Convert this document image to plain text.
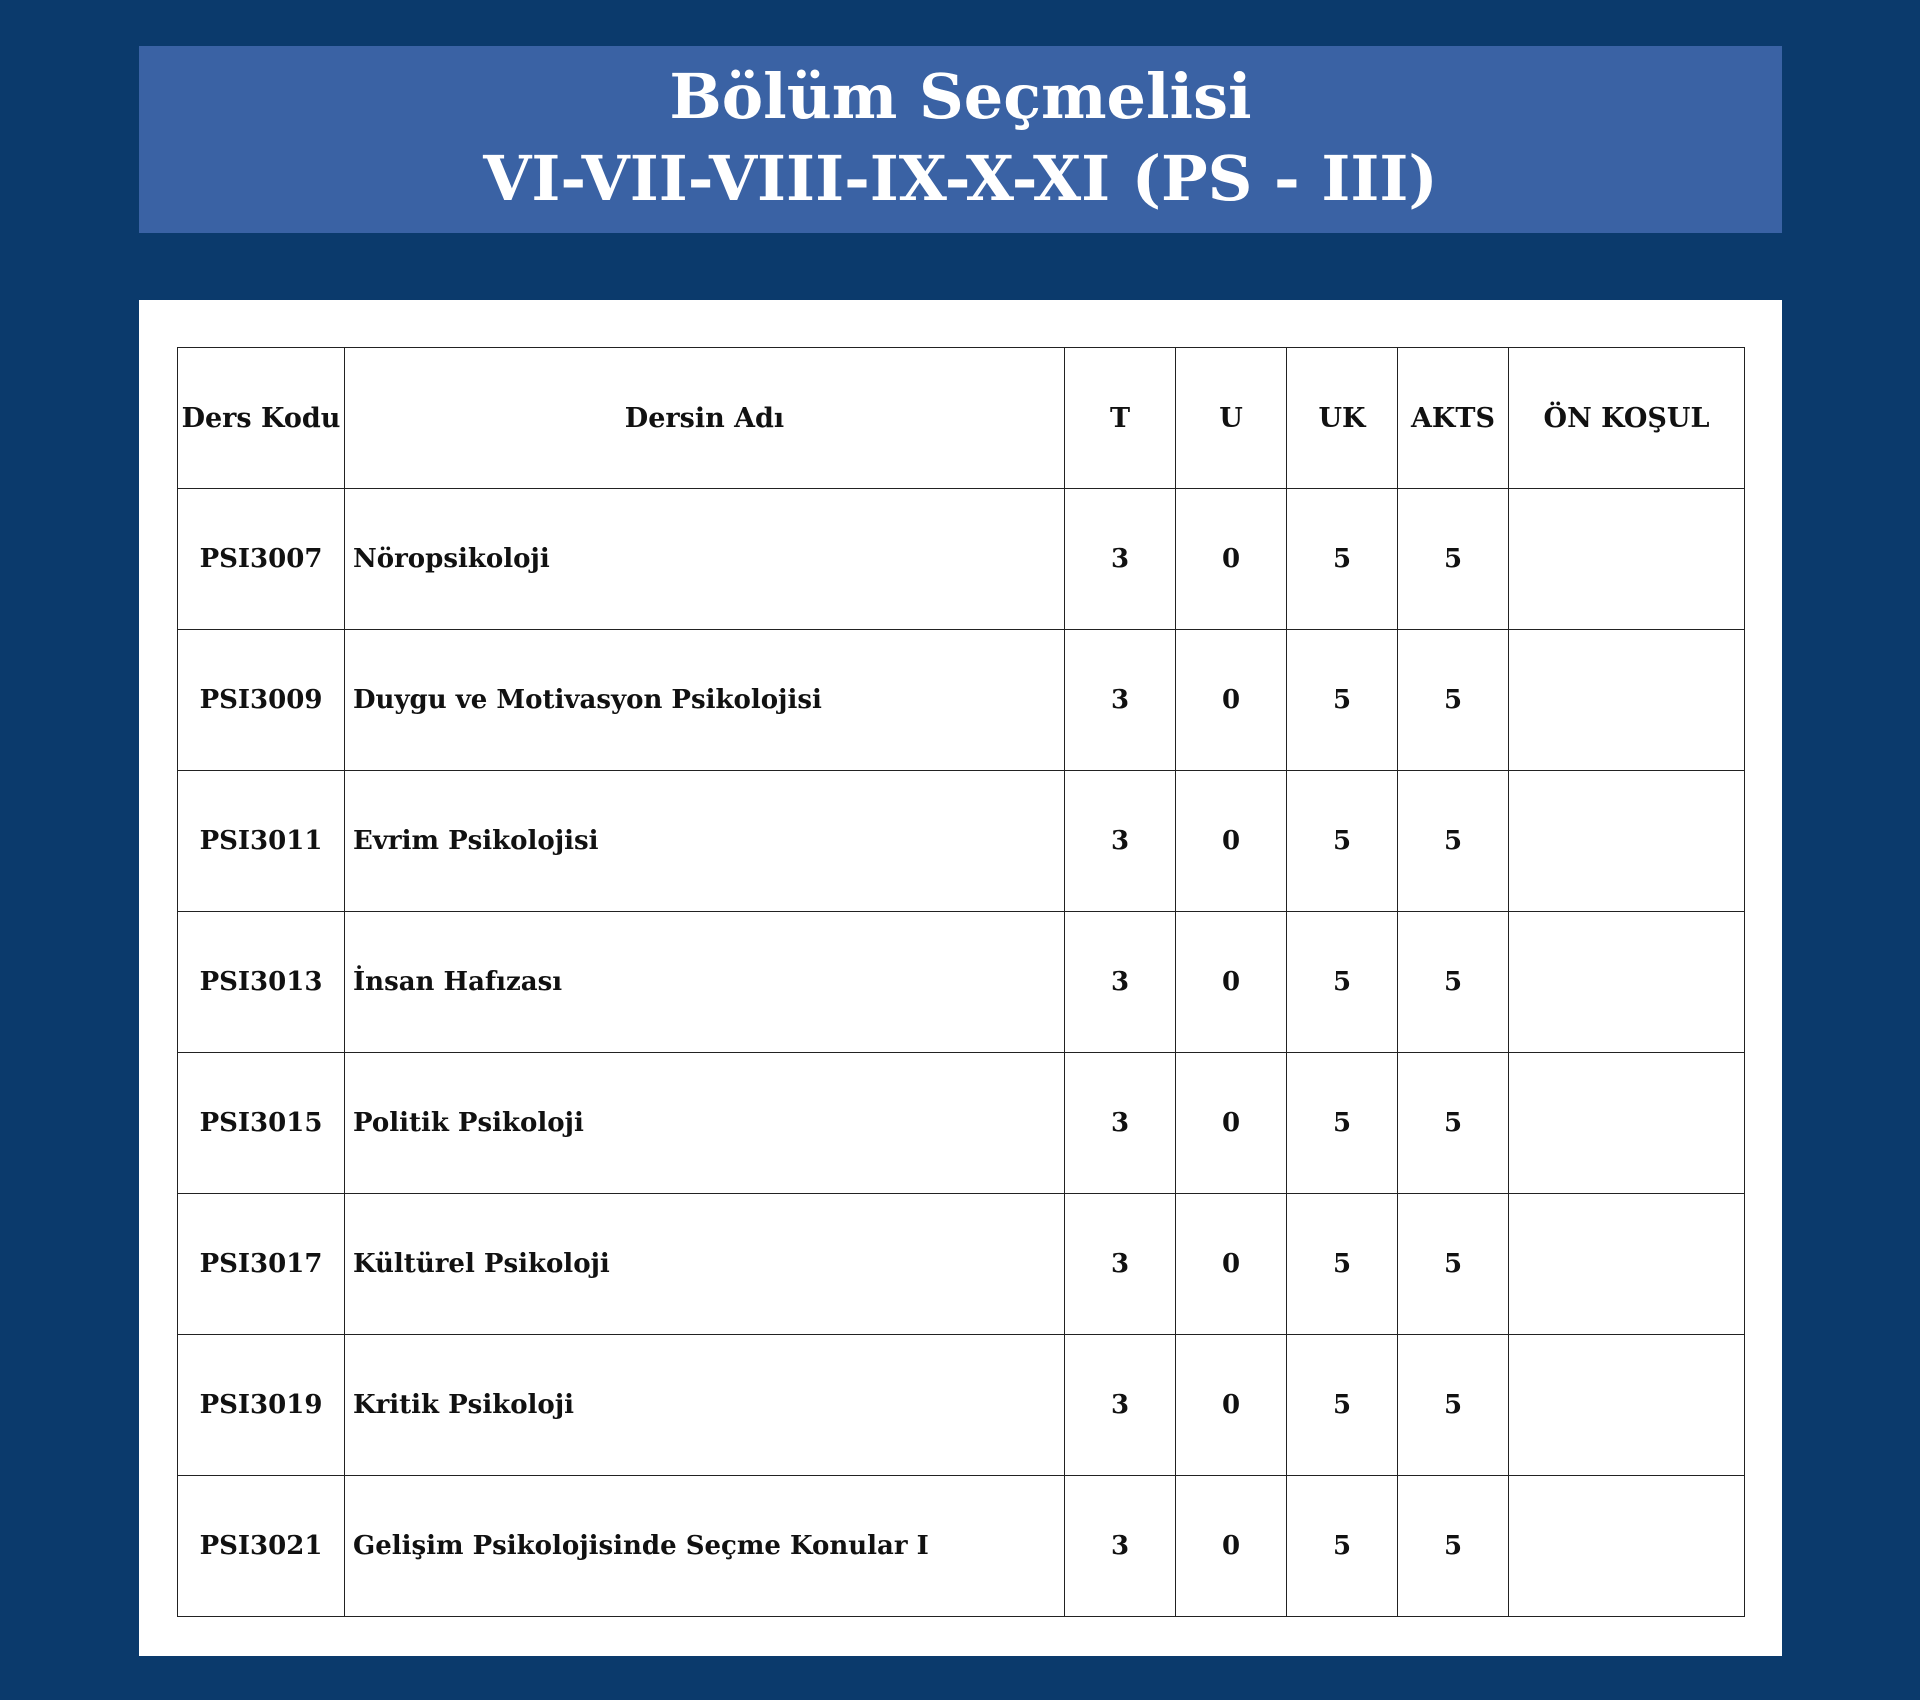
Bölüm Seçmelisi
VI-VII-VIII-IX-X-XI (PS - III)
Ders Kodu	Dersin Adı	T	U	UK	AKTS	ÖN KOŞUL
PSI3007	Nöropsikoloji	3	0	5	5	
PSI3009	Duygu ve Motivasyon Psikolojisi	3	0	5	5	
PSI3011	Evrim Psikolojisi	3	0	5	5	
PSI3013	İnsan Hafızası	3	0	5	5	
PSI3015	Politik Psikoloji	3	0	5	5	
PSI3017	Kültürel Psikoloji	3	0	5	5	
PSI3019	Kritik Psikoloji	3	0	5	5	
PSI3021	Gelişim Psikolojisinde Seçme Konular I	3	0	5	5	
